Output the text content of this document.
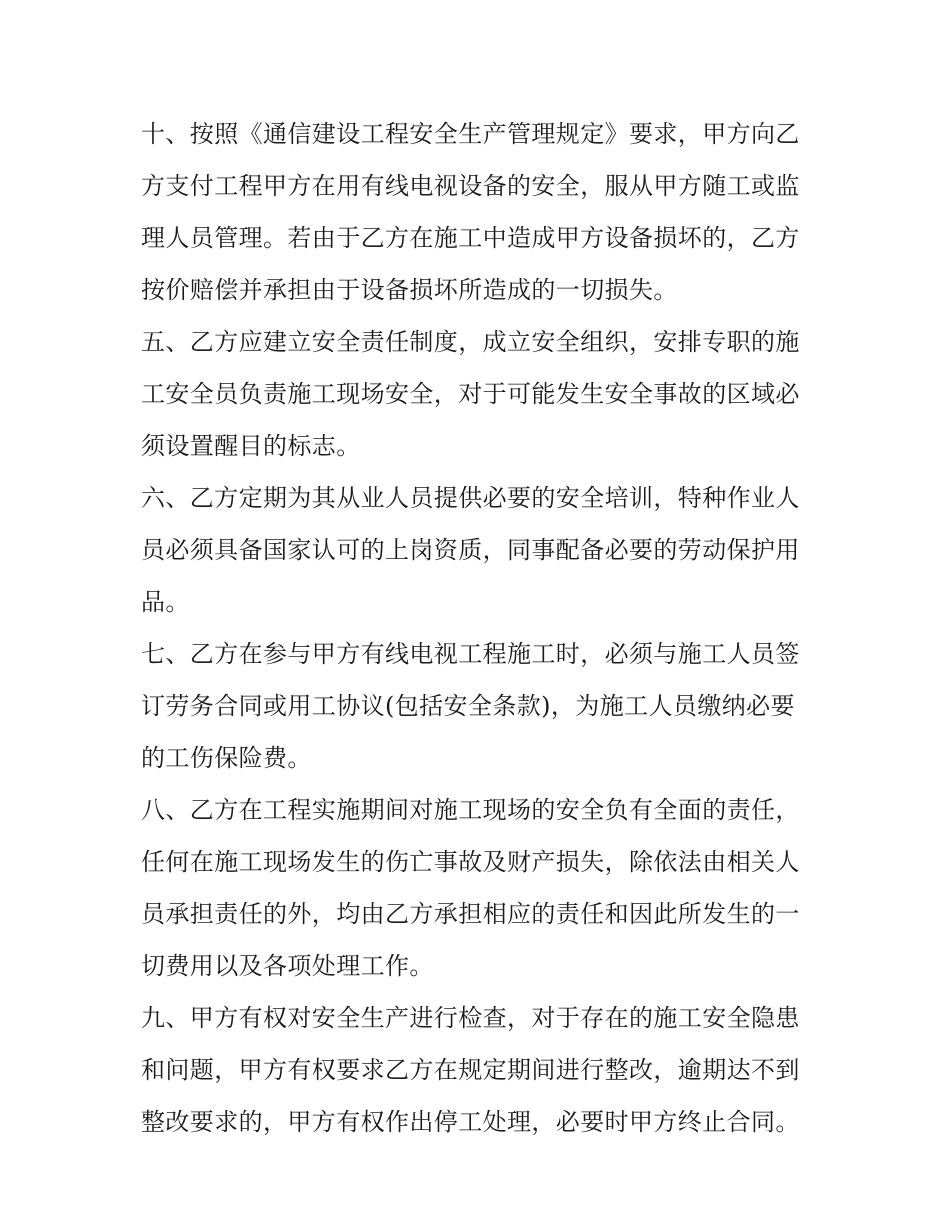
十、按照《通信建设工程安全生产管理规定》要求，甲方向乙
方支付工程甲方在用有线电视设备的安全，服从甲方随工或监
理人员管理。若由于乙方在施工中造成甲方设备损坏的，乙方
按价赔偿并承担由于设备损坏所造成的一切损失。
五、乙方应建立安全责任制度，成立安全组织，安排专职的施
工安全员负责施工现场安全，对于可能发生安全事故的区域必
须设置醒目的标志。
六、乙方定期为其从业人员提供必要的安全培训，特种作业人
员必须具备国家认可的上岗资质，同事配备必要的劳动保护用
品。
七、乙方在参与甲方有线电视工程施工时，必须与施工人员签
订劳务合同或用工协议(包括安全条款)，为施工人员缴纳必要
的工伤保险费。
八、乙方在工程实施期间对施工现场的安全负有全面的责任，
任何在施工现场发生的伤亡事故及财产损失，除依法由相关人
员承担责任的外，均由乙方承担相应的责任和因此所发生的一
切费用以及各项处理工作。
九、甲方有权对安全生产进行检查，对于存在的施工安全隐患
和问题，甲方有权要求乙方在规定期间进行整改，逾期达不到
整改要求的，甲方有权作出停工处理，必要时甲方终止合同。
